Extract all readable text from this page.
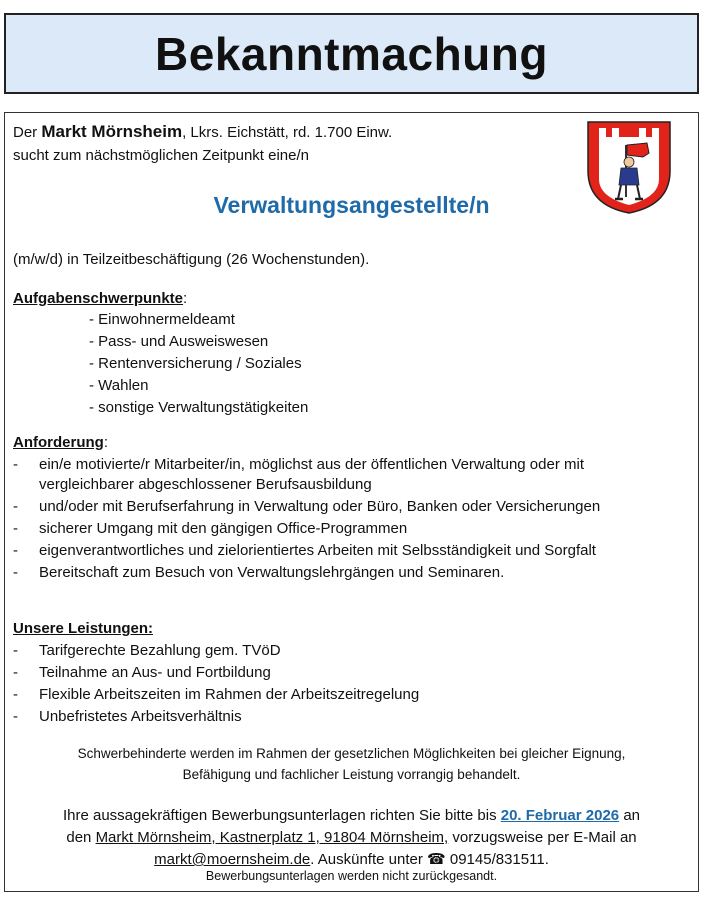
Bekanntmachung
Der Markt Mörnsheim, Lkrs. Eichstätt, rd. 1.700 Einw.
sucht zum nächstmöglichen Zeitpunkt eine/n
Verwaltungsangestellte/n
(m/w/d) in Teilzeitbeschäftigung (26 Wochenstunden).
Aufgabenschwerpunkte:
- Einwohnermeldeamt
- Pass- und Ausweiswesen
- Rentenversicherung / Soziales
- Wahlen
- sonstige Verwaltungstätigkeiten
Anforderung:
- ein/e motivierte/r Mitarbeiter/in, möglichst aus der öffentlichen Verwaltung oder mit
vergleichbarer abgeschlossener Berufsausbildung
- und/oder mit Berufserfahrung in Verwaltung oder Büro, Banken oder Versicherungen
- sicherer Umgang mit den gängigen Office-Programmen
- eigenverantwortliches und zielorientiertes Arbeiten mit Selbsständigkeit und Sorgfalt
- Bereitschaft zum Besuch von Verwaltungslehrgängen und Seminaren.
Unsere Leistungen:
- Tarifgerechte Bezahlung gem. TVöD
- Teilnahme an Aus- und Fortbildung
- Flexible Arbeitszeiten im Rahmen der Arbeitszeitregelung
- Unbefristetes Arbeitsverhältnis
Schwerbehinderte werden im Rahmen der gesetzlichen Möglichkeiten bei gleicher Eignung,
Befähigung und fachlicher Leistung vorrangig behandelt.
Ihre aussagekräftigen Bewerbungsunterlagen richten Sie bitte bis 20. Februar 2026 an
den Markt Mörnsheim, Kastnerplatz 1, 91804 Mörnsheim, vorzugsweise per E-Mail an
markt@moernsheim.de. Auskünfte unter ☎ 09145/831511.
Bewerbungsunterlagen werden nicht zurückgesandt.
